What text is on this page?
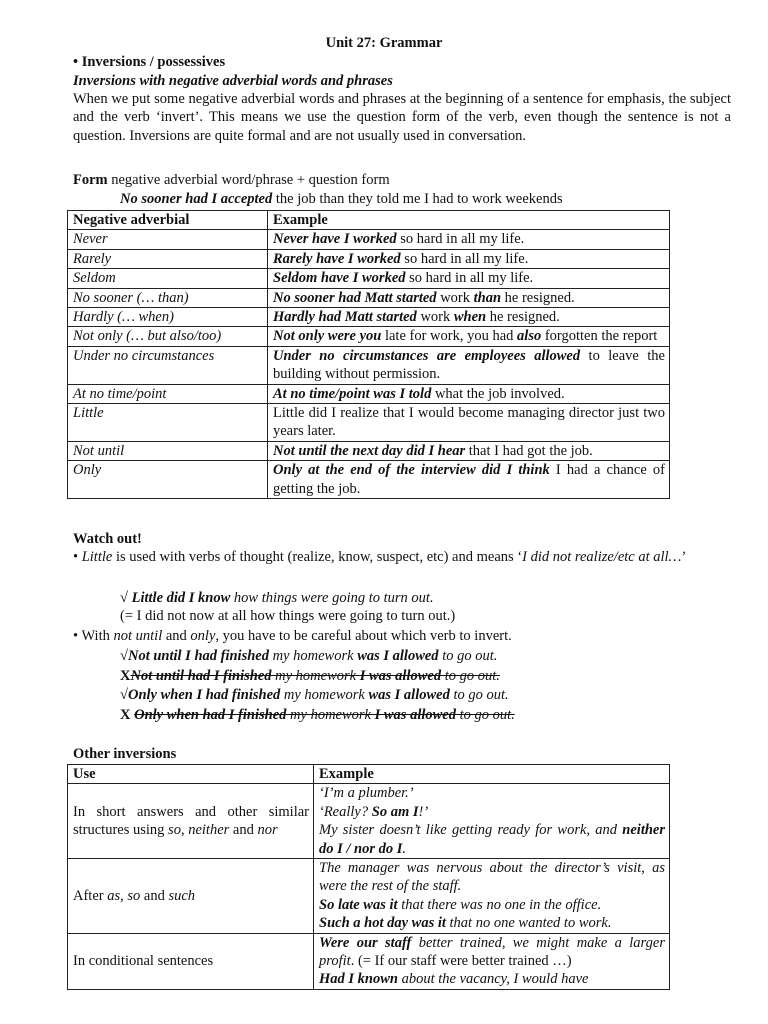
Unit 27: Grammar
• Inversions / possessives
Inversions with negative adverbial words and phrases
When we put some negative adverbial words and phrases at the beginning of a sentence for emphasis, the subject and the verb ‘invert’. This means we use the question form of the verb, even though the sentence is not a question. Inversions are quite formal and are not usually used in conversation.
Form negative adverbial word/phrase + question form
No sooner had I accepted the job than they told me I had to work weekends
Negative adverbial	Example
Never	Never have I worked so hard in all my life.
Rarely	Rarely have I worked so hard in all my life.
Seldom	Seldom have I worked so hard in all my life.
No sooner (… than)	No sooner had Matt started work than he resigned.
Hardly (… when)	Hardly had Matt started work when he resigned.
Not only (… but also/too)	Not only were you late for work, you had also forgotten the report
Under no circumstances	Under no circumstances are employees allowed to leave the building without permission.
At no time/point	At no time/point was I told what the job involved.
Little	Little did I realize that I would become managing director just two years later.
Not until	Not until the next day did I hear that I had got the job.
Only	Only at the end of the interview did I think I had a chance of getting the job.
Watch out!
• Little is used with verbs of thought (realize, know, suspect, etc) and means ‘I did not realize/etc at all…’
√ Little did I know how things were going to turn out.
(= I did not now at all how things were going to turn out.)
• With not until and only, you have to be careful about which verb to invert.
√Not until I had finished my homework was I allowed to go out.
XNot until had I finished my homework I was allowed to go out.
√Only when I had finished my homework was I allowed to go out.
X Only when had I finished my homework I was allowed to go out.
Other inversions
Use	Example
In short answers and other similar structures using so, neither and nor	‘I’m a plumber.’
‘Really? So am I!’
My sister doesn’t like getting ready for work, and neither do I / nor do I.

After as, so and such	The manager was nervous about the director’s visit, as were the rest of the staff.
So late was it that there was no one in the office.
Such a hot day was it that no one wanted to work.

In conditional sentences	Were our staff better trained, we might make a larger profit. (= If our staff were better trained …)
Had I known about the vacancy, I would have
